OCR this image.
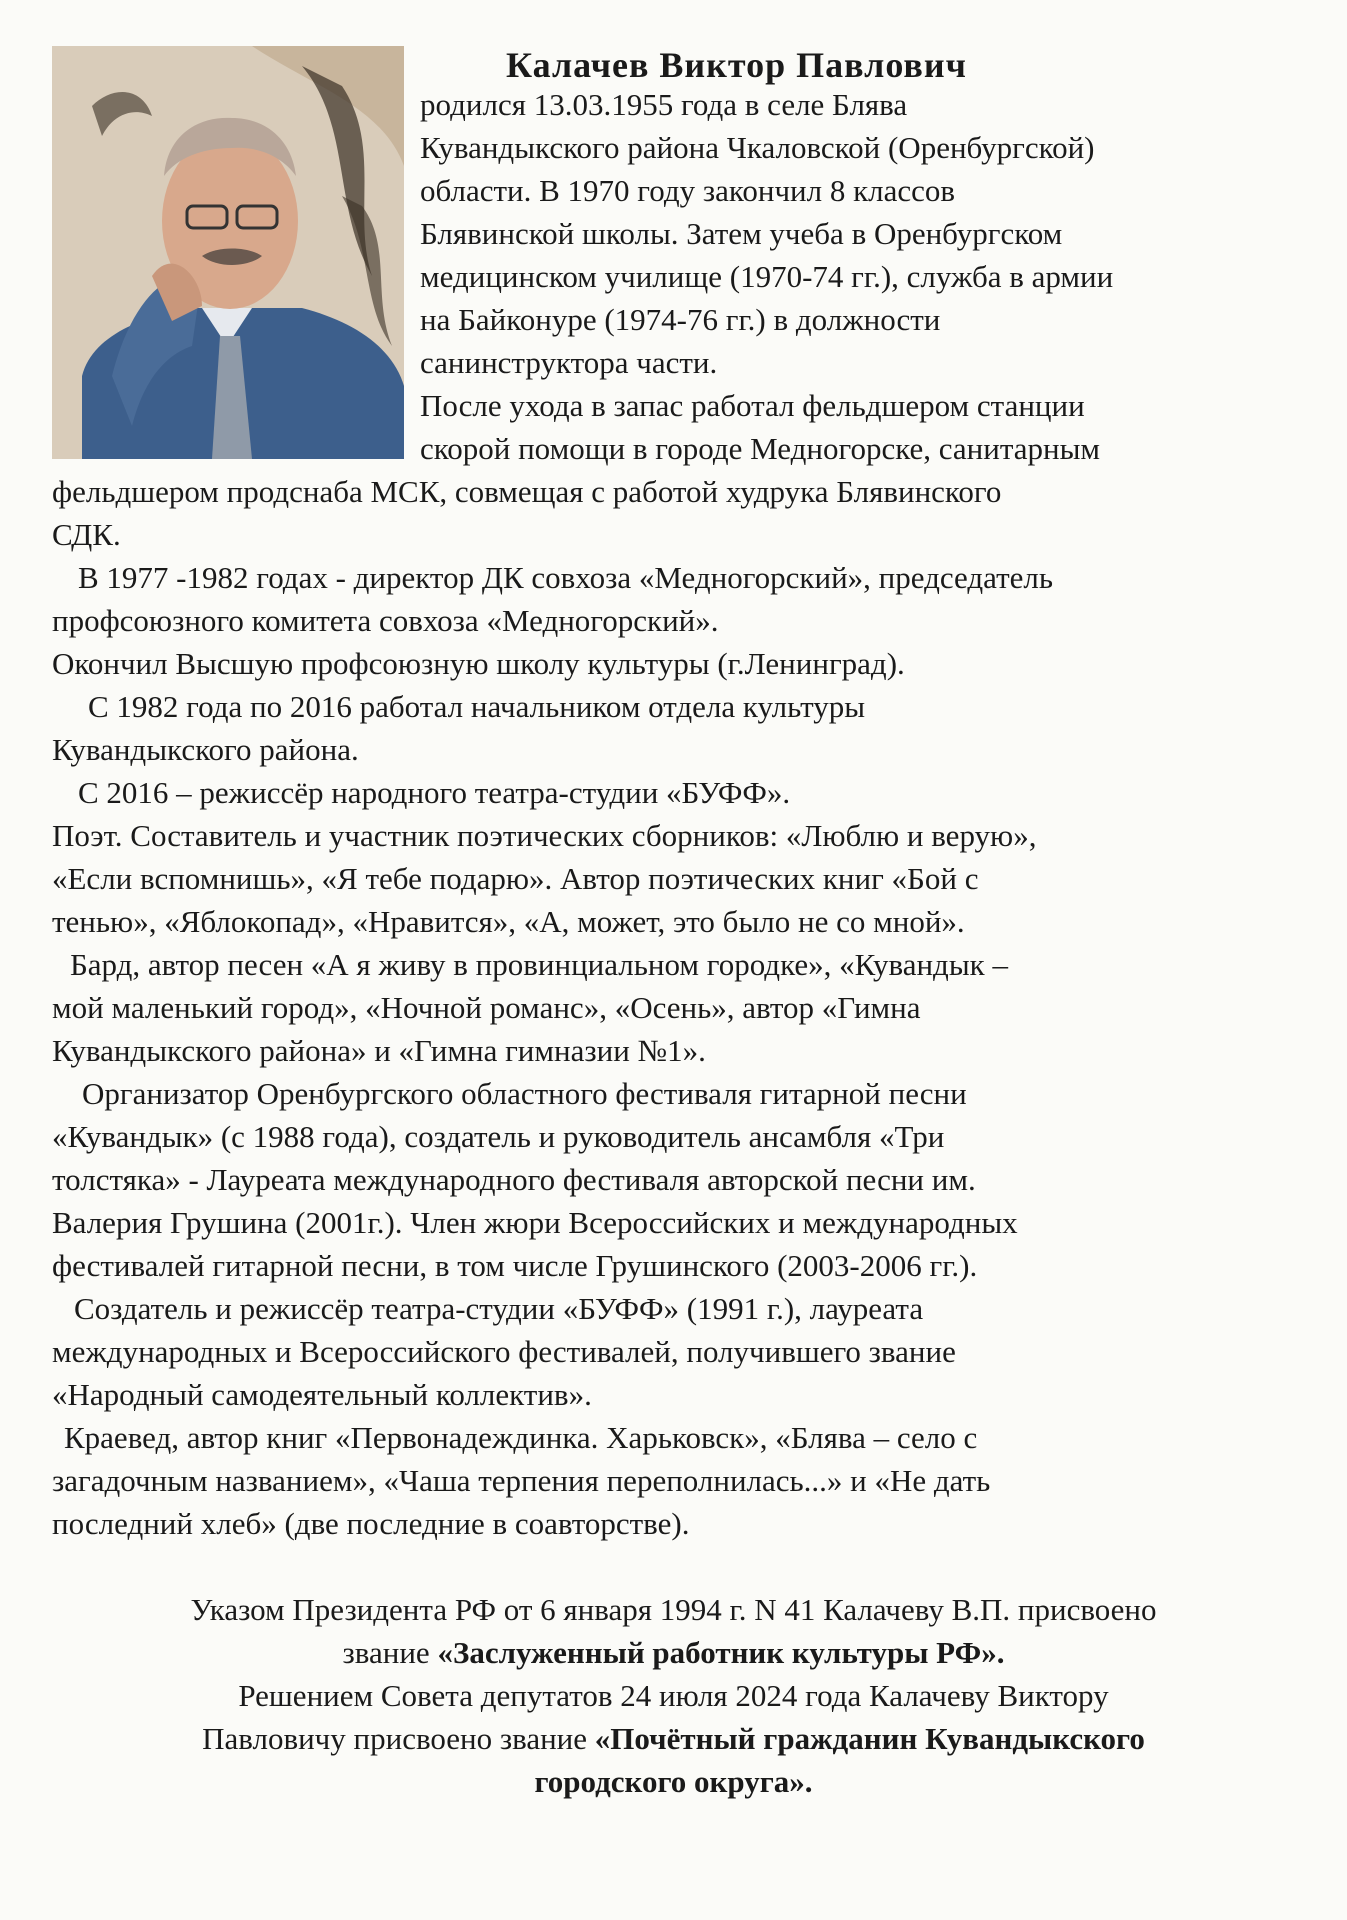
Калачев Виктор Павлович
родился 13.03.1955 года в селе Блява
Кувандыкского района Чкаловской (Оренбургской)
области. В 1970 году закончил 8 классов
Блявинской школы. Затем учеба в Оренбургском
медицинском училище (1970-74 гг.), служба в армии
на Байконуре (1974-76 гг.) в должности
санинструктора части.
После ухода в запас работал фельдшером станции
скорой помощи в городе Медногорске, санитарным
фельдшером продснаба МСК, совмещая с работой худрука Блявинского
СДК.
В 1977 -1982 годах - директор ДК совхоза «Медногорский», председатель
профсоюзного комитета совхоза «Медногорский».
Окончил Высшую профсоюзную школу культуры (г.Ленинград).
С 1982 года по 2016 работал начальником отдела культуры
Кувандыкского района.
С 2016 – режиссёр народного театра-студии «БУФФ».
Поэт. Составитель и участник поэтических сборников: «Люблю и верую»,
«Если вспомнишь», «Я тебе подарю». Автор поэтических книг «Бой с
тенью», «Яблокопад», «Нравится», «А, может, это было не со мной».
Бард, автор песен «А я живу в провинциальном городке», «Кувандык –
мой маленький город», «Ночной романс», «Осень», автор «Гимна
Кувандыкского района» и «Гимна гимназии №1».
Организатор Оренбургского областного фестиваля гитарной песни
«Кувандык» (с 1988 года), создатель и руководитель ансамбля «Три
толстяка» - Лауреата международного фестиваля авторской песни им.
Валерия Грушина (2001г.). Член жюри Всероссийских и международных
фестивалей гитарной песни, в том числе Грушинского (2003-2006 гг.).
Создатель и режиссёр театра-студии «БУФФ» (1991 г.), лауреата
международных и Всероссийского фестивалей, получившего звание
«Народный самодеятельный коллектив».
Краевед, автор книг «Первонадеждинка. Харьковск», «Блява – село с
загадочным названием», «Чаша терпения переполнилась...» и «Не дать
последний хлеб» (две последние в соавторстве).
Указом Президента РФ от 6 января 1994 г. N 41 Калачеву В.П. присвоено
звание «Заслуженный работник культуры РФ».
Решением Совета депутатов 24 июля 2024 года Калачеву Виктору
Павловичу присвоено звание «Почётный гражданин Кувандыкского
городского округа».
